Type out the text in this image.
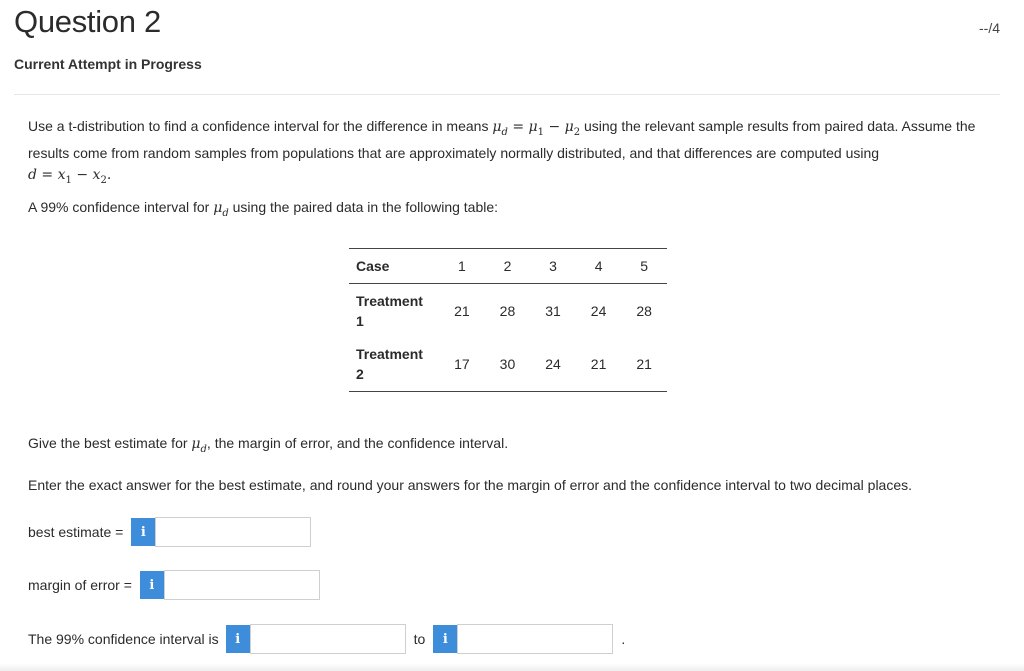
Question 2	--/4
Current Attempt in Progress
Use a t-distribution to find a confidence interval for the difference in means $\mu_d = \mu_1 - \mu_2$ using the relevant sample results from paired data. Assume the results come from random samples from populations that are approximately normally distributed, and that differences are computed using
$d = x_1 - x_2$.
A 99% confidence interval for $\mu_d$ using the paired data in the following table:
Case	1	2	3	4	5
Treatment
1	21	28	31	24	28
Treatment
2	17	30	24	21	21
Give the best estimate for $\mu_d$, the margin of error, and the confidence interval.
Enter the exact answer for the best estimate, and round your answers for the margin of error and the confidence interval to two decimal places.
best estimate =	i
margin of error =	i
The 99% confidence interval is	i	to	i	.
